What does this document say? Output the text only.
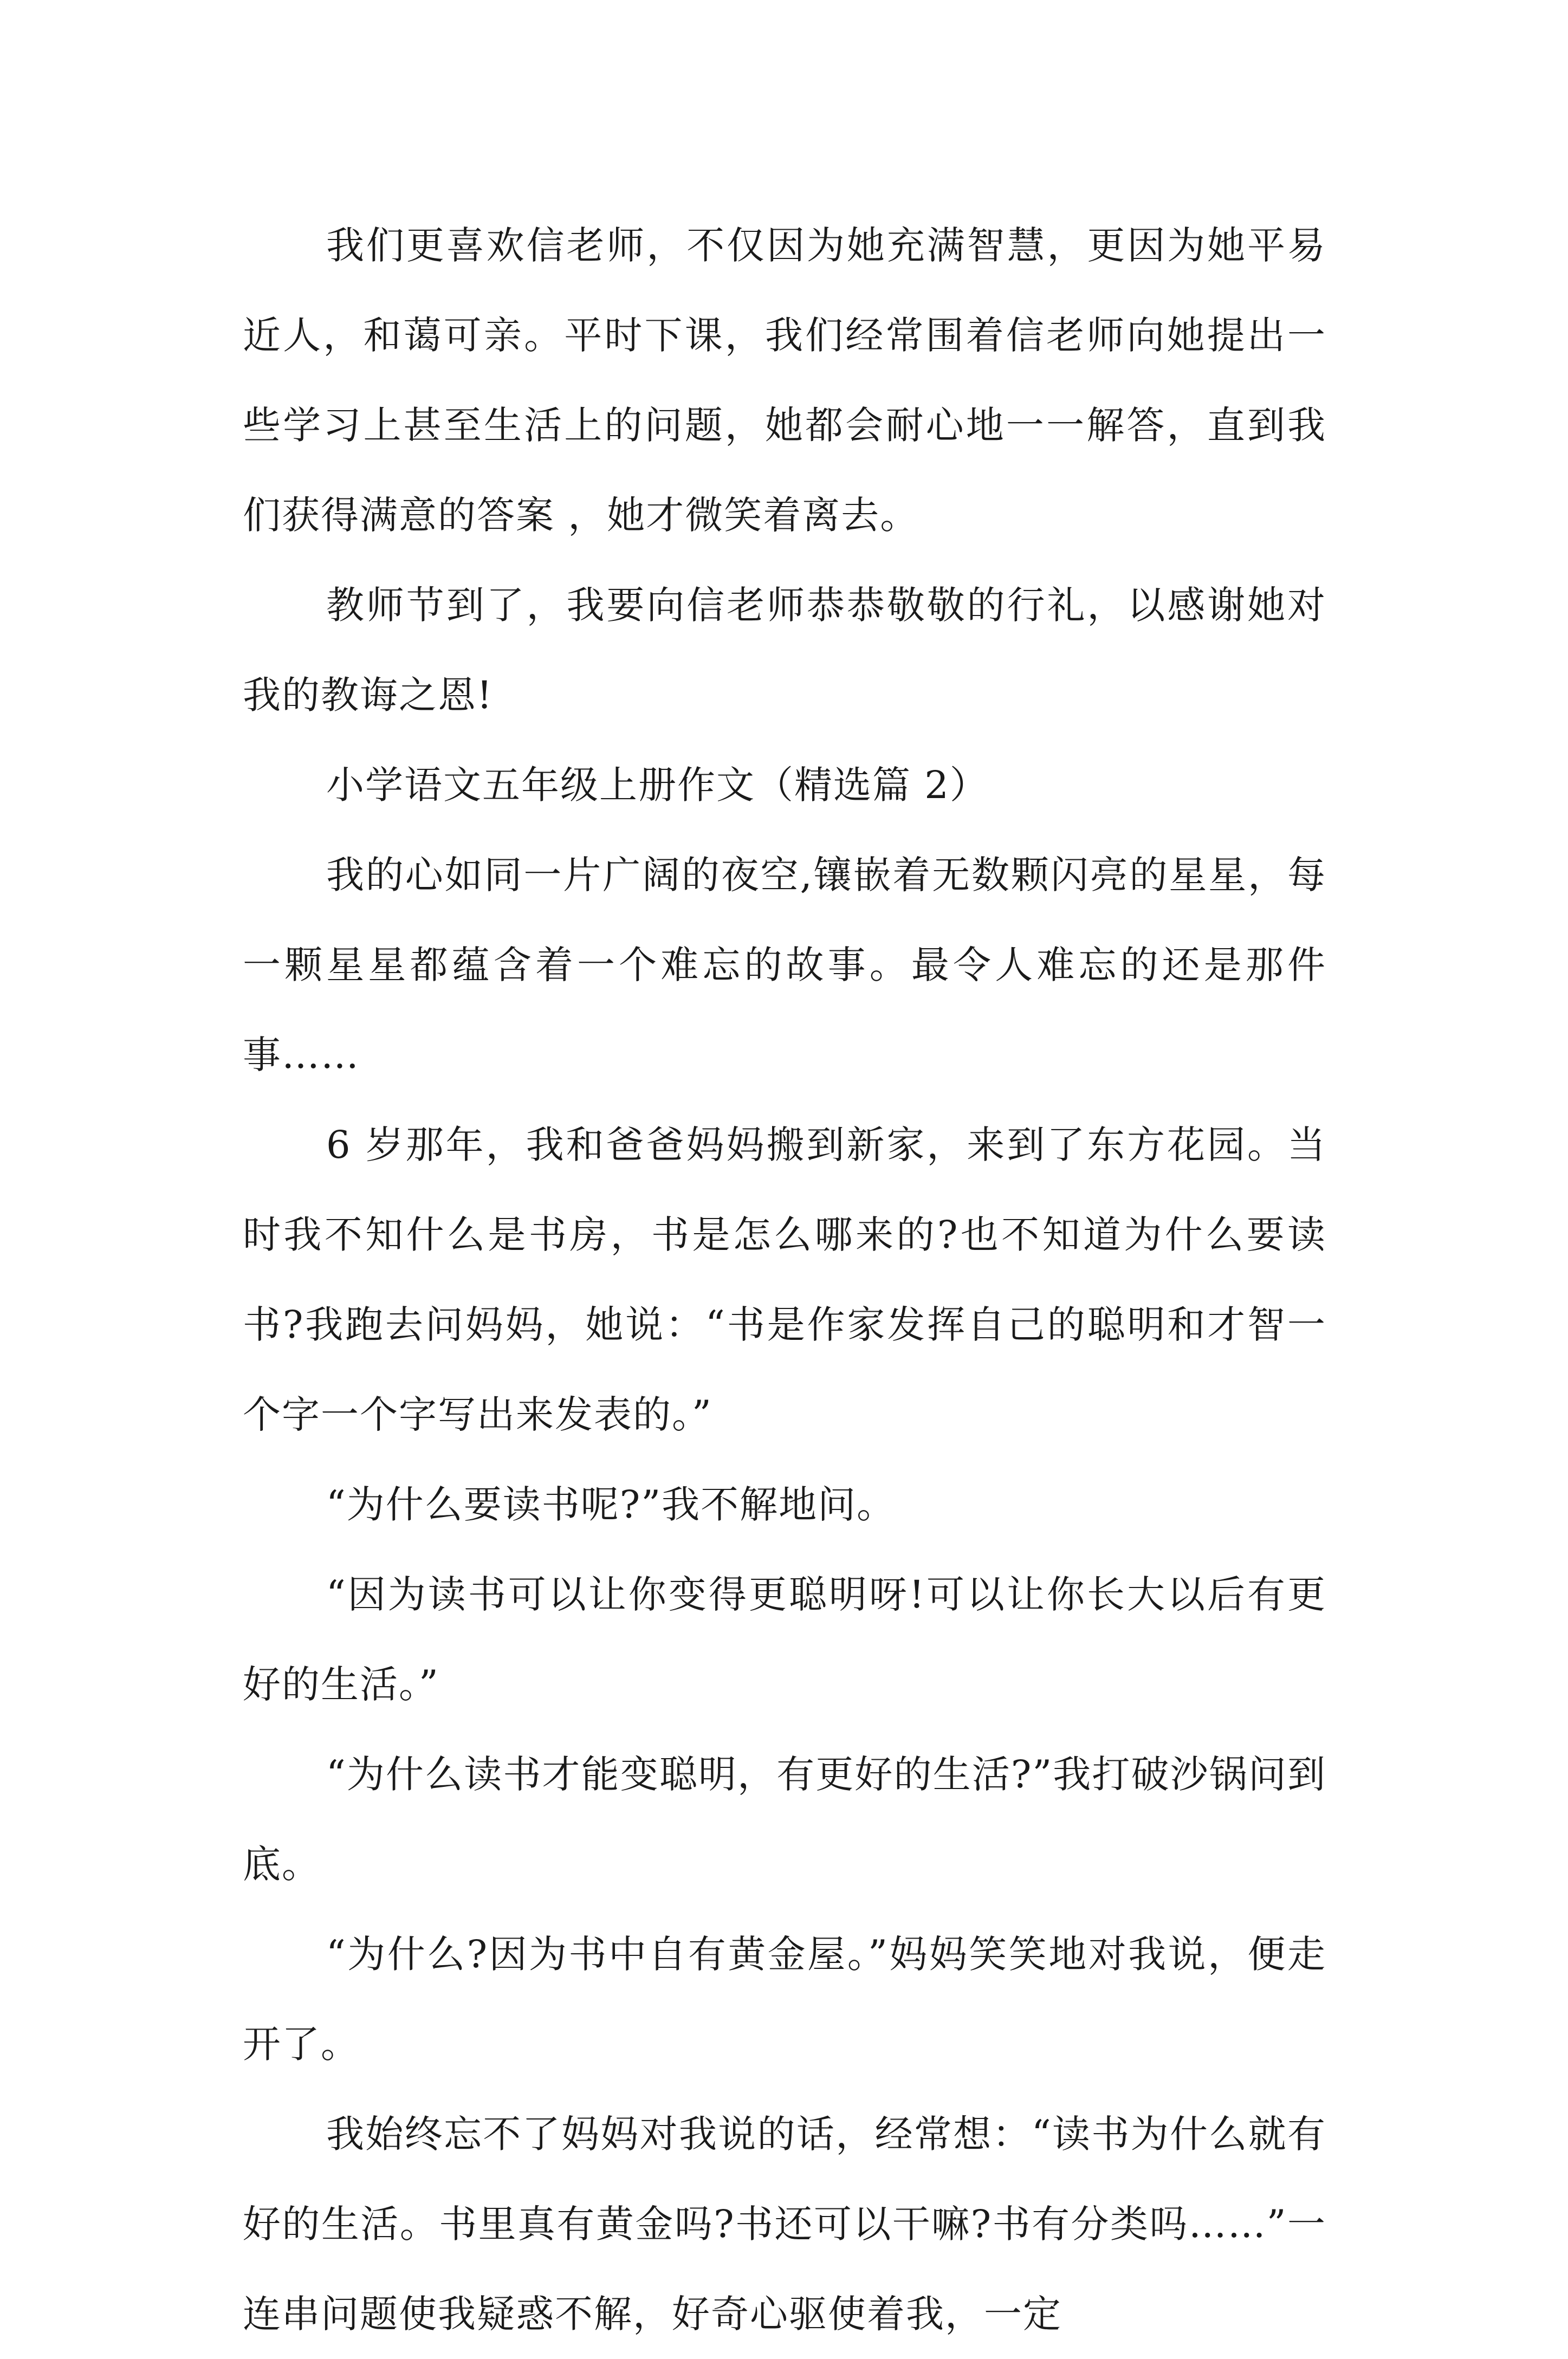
我们更喜欢信老师，不仅因为她充满智慧，更因为她平易近人，和蔼可亲。平时下课，我们经常围着信老师向她提出一些学习上甚至生活上的问题，她都会耐心地一一解答，直到我们获得满意的答案 ，她才微笑着离去。

教师节到了，我要向信老师恭恭敬敬的行礼，以感谢她对我的教诲之恩!

小学语文五年级上册作文（精选篇 2）

我的心如同一片广阔的夜空,镶嵌着无数颗闪亮的星星，每一颗星星都蕴含着一个难忘的故事。最令人难忘的还是那件事……

6 岁那年，我和爸爸妈妈搬到新家，来到了东方花园。当时我不知什么是书房，书是怎么哪来的?也不知道为什么要读书?我跑去问妈妈，她说：“书是作家发挥自己的聪明和才智一个字一个字写出来发表的。”

“为什么要读书呢?”我不解地问。

“因为读书可以让你变得更聪明呀!可以让你长大以后有更好的生活。”

“为什么读书才能变聪明，有更好的生活?”我打破沙锅问到底。

“为什么?因为书中自有黄金屋。”妈妈笑笑地对我说，便走开了。

我始终忘不了妈妈对我说的话，经常想：“读书为什么就有好的生活。书里真有黄金吗?书还可以干嘛?书有分类吗……”一连串问题使我疑惑不解，好奇心驱使着我，一定
